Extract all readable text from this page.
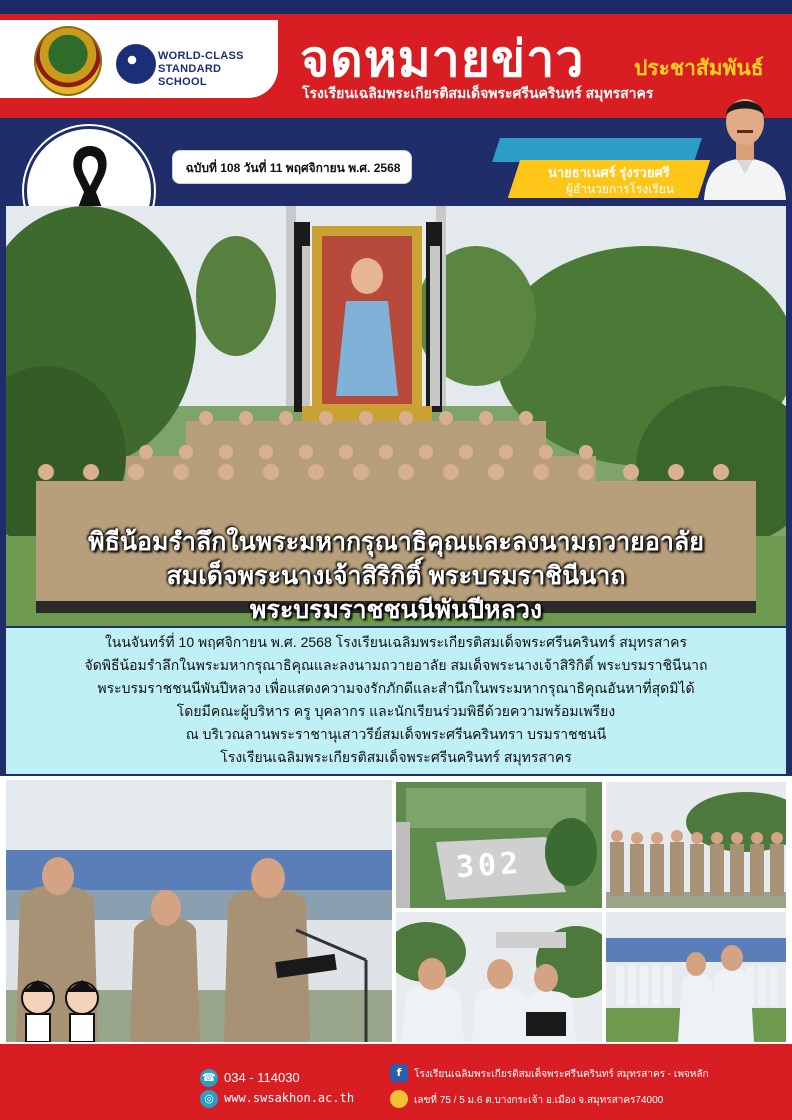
WORLD-CLASS
STANDARD SCHOOL	จดหมายข่าว ประชาสัมพันธ์
โรงเรียนเฉลิมพระเกียรติสมเด็จพระศรีนครินทร์ สมุทรสาคร
ฉบับที่ 108 วันที่ 11 พฤศจิกายน พ.ศ. 2568	นายธาเนศร์ รุ่งรวยศรี
ผู้อำนวยการโรงเรียน
พิธีน้อมรำลึกในพระมหากรุณาธิคุณและลงนามถวายอาลัย
สมเด็จพระนางเจ้าสิริกิติ์ พระบรมราชินีนาถ
พระบรมราชชนนีพันปีหลวง
ในนจันทร์ที่ 10 พฤศจิกายน พ.ศ. 2568 โรงเรียนเฉลิมพระเกียรติสมเด็จพระศรีนครินทร์ สมุทรสาคร
จัดพิธีน้อมรำลึกในพระมหากรุณาธิคุณและลงนามถวายอาลัย สมเด็จพระนางเจ้าสิริกิติ์ พระบรมราชินีนาถ
พระบรมราชชนนีพันปีหลวง เพื่อแสดงความจงรักภักดีและสำนึกในพระมหากรุณาธิคุณอันหาที่สุดมิได้
โดยมีคณะผู้บริหาร ครู บุคลากร และนักเรียนร่วมพิธีด้วยความพร้อมเพรียง
ณ บริเวณลานพระราชานุเสาวรีย์สมเด็จพระศรีนครินทรา บรมราชชนนี
โรงเรียนเฉลิมพระเกียรติสมเด็จพระศรีนครินทร์ สมุทรสาคร
302
☎ 034 - 114030
◎ www.swsakhon.ac.th
f	โรงเรียนเฉลิมพระเกียรติสมเด็จพระศรีนครินทร์ สมุทรสาคร - เพจหลัก
เลขที่ 75 / 5 ม.6 ต.บางกระเจ้า อ.เมือง จ.สมุทรสาคร74000
